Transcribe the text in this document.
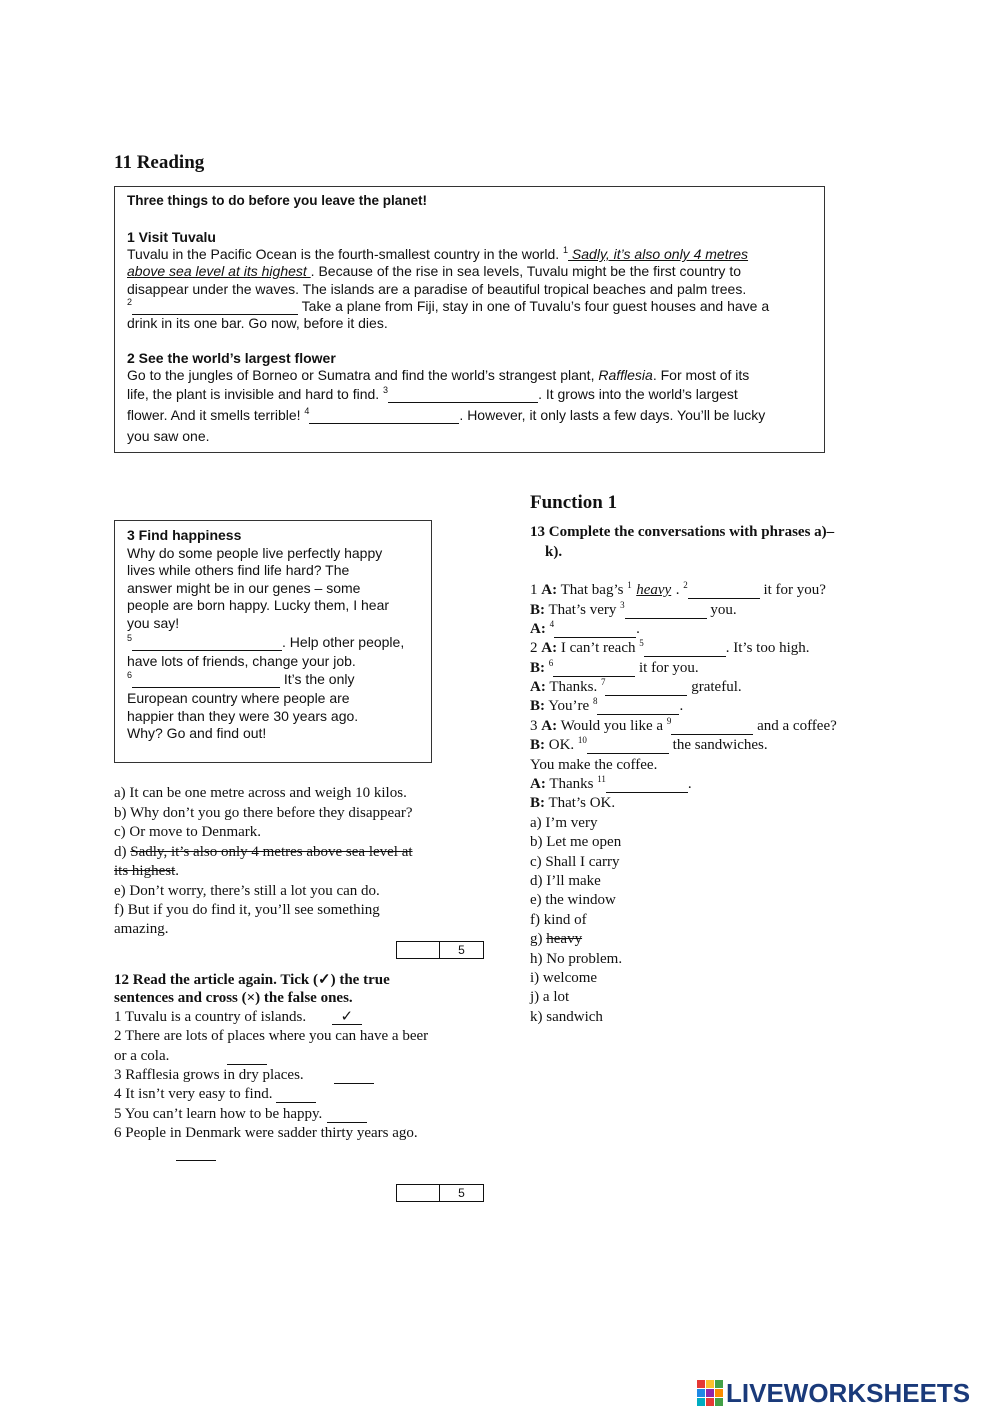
11 Reading
Three things to do before you leave the planet!
1 Visit Tuvalu
Tuvalu in the Pacific Ocean is the fourth-smallest country in the world. $^1$ Sadly, it’s also only 4 metres
above sea level at its highest . Because of the rise in sea levels, Tuvalu might be the first country to
disappear under the waves. The islands are a paradise of beautiful tropical beaches and palm trees.
$^2$	Take a plane from Fiji, stay in one of Tuvalu’s four guest houses and have a
drink in its one bar. Go now, before it dies.
2 See the world’s largest flower
Go to the jungles of Borneo or Sumatra and find the world’s strangest plant, Rafflesia. For most of its
life, the plant is invisible and hard to find. $^3$	. It grows into the world’s largest
flower. And it smells terrible! $^4$	. However, it only lasts a few days. You’ll be lucky
you saw one.
3 Find happiness
Why do some people live perfectly happy
lives while others find life hard? The
answer might be in our genes – some
people are born happy. Lucky them, I hear
you say!
$^5$	. Help other people,
have lots of friends, change your job.
$^6$	It’s the only
European country where people are
happier than they were 30 years ago.
Why? Go and find out!
a) It can be one metre across and weigh 10 kilos.
b) Why don’t you go there before they disappear?
c) Or move to Denmark.
d) Sadly, it’s also only 4 metres above sea level at
its highest.
e) Don’t worry, there’s still a lot you can do.
f) But if you do find it, you’ll see something
amazing.
5
12 Read the article again. Tick (✓) the true
sentences and cross (×) the false ones.
1 Tuvalu is a country of islands. ✓
2 There are lots of places where you can have a beer
or a cola.
3 Rafflesia grows in dry places.
4 It isn’t very easy to find.
5 You can’t learn how to be happy.
6 People in Denmark were sadder thirty years ago.
5
Function 1
13 Complete the conversations with phrases a)–
k).
1 A: That bag’s $^1$ heavy . $^2$	it for you?
B: That’s very $^3$	you.
A: $^4$	.
2 A: I can’t reach $^5$	. It’s too high.
B: $^6$	it for you.
A: Thanks. $^7$	grateful.
B: You’re $^8$	.
3 A: Would you like a $^9$	and a coffee?
B: OK. $^{10}$	the sandwiches.
You make the coffee.
A: Thanks $^{11}$	.
B: That’s OK.
a) I’m very
b) Let me open
c) Shall I carry
d) I’ll make
e) the window
f) kind of
g) heavy
h) No problem.
i) welcome
j) a lot
k) sandwich
LIVEWORKSHEETS
